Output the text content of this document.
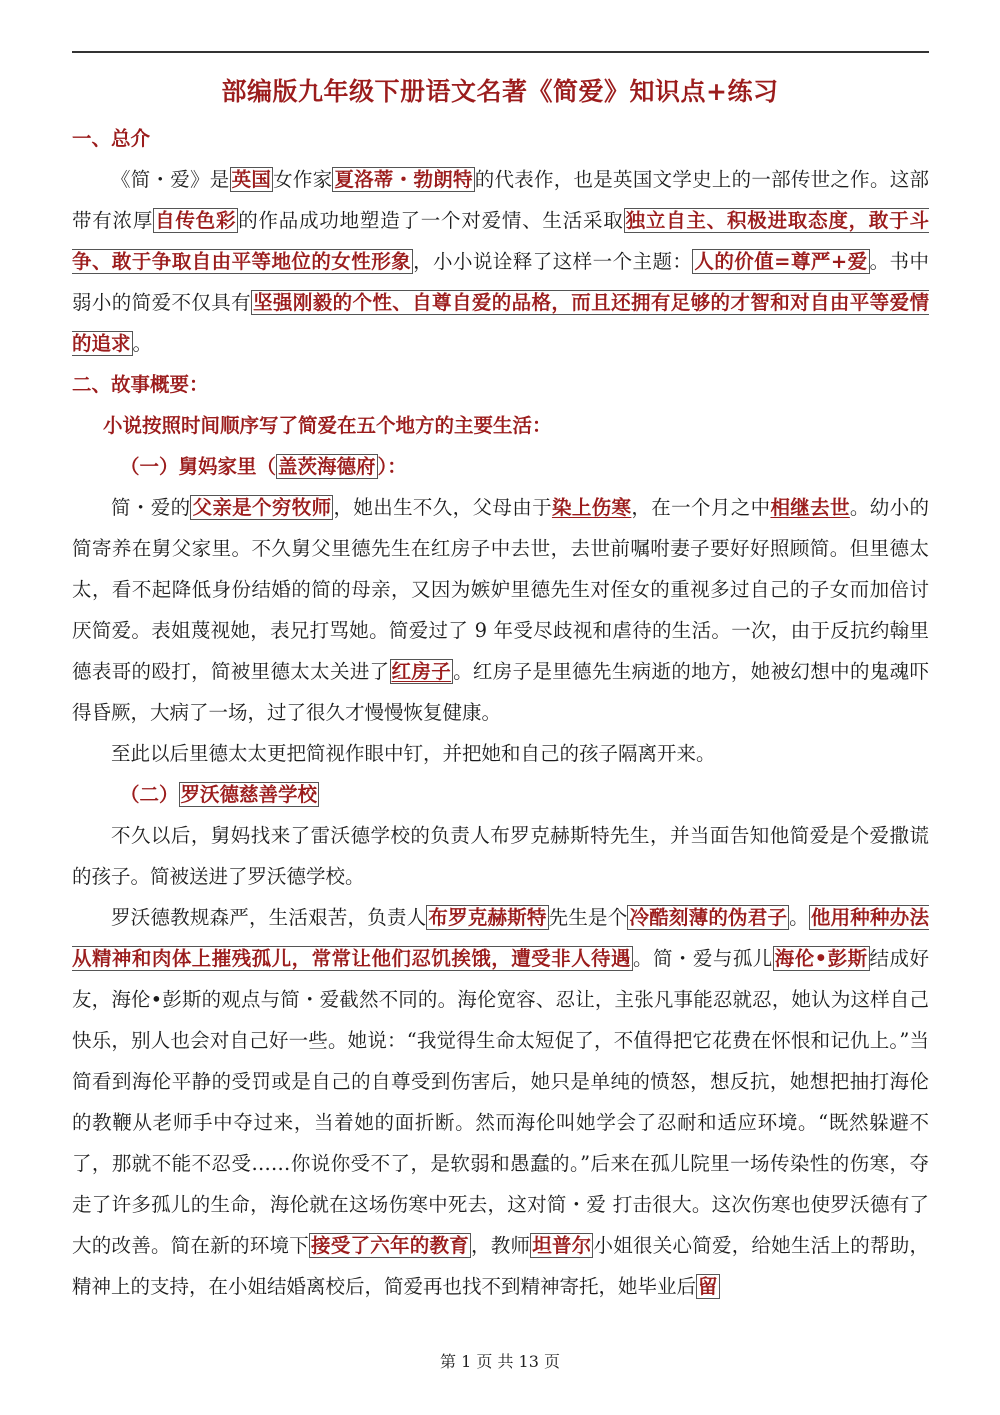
部编版九年级下册语文名著《简爱》知识点+练习
一、总介
《简・爱》是 英国 女作家 夏洛蒂・勃朗特 的代表作，也是英国文学史上的一部传世之作。这部带有浓厚 自传色彩 的作品成功地塑造了一个对爱情、生活采取 独立自主、积极进取态度，敢于斗争、敢于争取自由平等地位的女性形象 ，小小说诠释了这样一个主题： 人的价值=尊严+爱 。书中弱小的简爱不仅具有 坚强刚毅的个性、自尊自爱的品格，而且还拥有足够的才智和对自由平等爱情的追求 。
二、故事概要：
小说按照时间顺序写了简爱在五个地方的主要生活：
（一）舅妈家里（ 盖茨海德府 ）：
简・爱的 父亲是个穷牧师 ，她出生不久，父母由于染上伤寒，在一个月之中相继去世。幼小的简寄养在舅父家里。不久舅父里德先生在红房子中去世，去世前嘱咐妻子要好好照顾简。但里德太太，看不起降低身份结婚的简的母亲，又因为嫉妒里德先生对侄女的重视多过自己的子女而加倍讨厌简爱。表姐蔑视她，表兄打骂她。简爱过了 9 年受尽歧视和虐待的生活。一次，由于反抗约翰里德表哥的殴打，简被里德太太关进了 红房子 。红房子是里德先生病逝的地方，她被幻想中的鬼魂吓得昏厥，大病了一场，过了很久才慢慢恢复健康。
至此以后里德太太更把简视作眼中钉，并把她和自己的孩子隔离开来。
（二） 罗沃德慈善学校
不久以后，舅妈找来了雷沃德学校的负责人布罗克赫斯特先生，并当面告知他简爱是个爱撒谎的孩子。简被送进了罗沃德学校。
罗沃德教规森严，生活艰苦，负责人 布罗克赫斯特 先生是个 冷酷刻薄的伪君子 。 他用种种办法从精神和肉体上摧残孤儿，常常让他们忍饥挨饿，遭受非人待遇 。简・爱与孤儿 海伦•彭斯 结成好友，海伦•彭斯的观点与简・爱截然不同的。海伦宽容、忍让，主张凡事能忍就忍，她认为这样自己快乐，别人也会对自己好一些。她说：“我觉得生命太短促了，不值得把它花费在怀恨和记仇上。”当简看到海伦平静的受罚或是自己的自尊受到伤害后，她只是单纯的愤怒，想反抗，她想把抽打海伦的教鞭从老师手中夺过来，当着她的面折断。然而海伦叫她学会了忍耐和适应环境。“既然躲避不了，那就不能不忍受……你说你受不了，是软弱和愚蠢的。”后来在孤儿院里一场传染性的伤寒，夺走了许多孤儿的生命，海伦就在这场伤寒中死去，这对简・爱 打击很大。这次伤寒也使罗沃德有了大的改善。简在新的环境下 接受了六年的教育 ，教师 坦普尔 小姐很关心简爱，给她生活上的帮助，精神上的支持，在小姐结婚离校后，简爱再也找不到精神寄托，她毕业后 留
第 1 页 共 13 页
